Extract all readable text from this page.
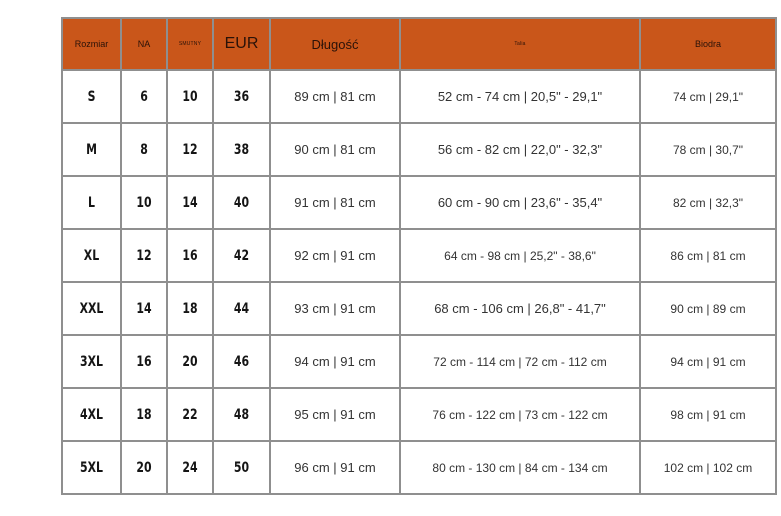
Rozmiar	NA	SMUTNY	EUR	Długość	Talia	Biodra
S	6	10	36	89 cm | 81 cm	52 cm - 74 cm | 20,5" - 29,1"	74 cm | 29,1"
M	8	12	38	90 cm | 81 cm	56 cm - 82 cm | 22,0" - 32,3"	78 cm | 30,7"
L	10	14	40	91 cm | 81 cm	60 cm - 90 cm | 23,6" - 35,4"	82 cm | 32,3"
XL	12	16	42	92 cm | 91 cm	64 cm - 98 cm | 25,2" - 38,6"	86 cm | 81 cm
XXL	14	18	44	93 cm | 91 cm	68 cm - 106 cm | 26,8" - 41,7"	90 cm | 89 cm
3XL	16	20	46	94 cm | 91 cm	72 cm - 114 cm | 72 cm - 112 cm	94 cm | 91 cm
4XL	18	22	48	95 cm | 91 cm	76 cm - 122 cm | 73 cm - 122 cm	98 cm | 91 cm
5XL	20	24	50	96 cm | 91 cm	80 cm - 130 cm | 84 cm - 134 cm	102 cm | 102 cm
